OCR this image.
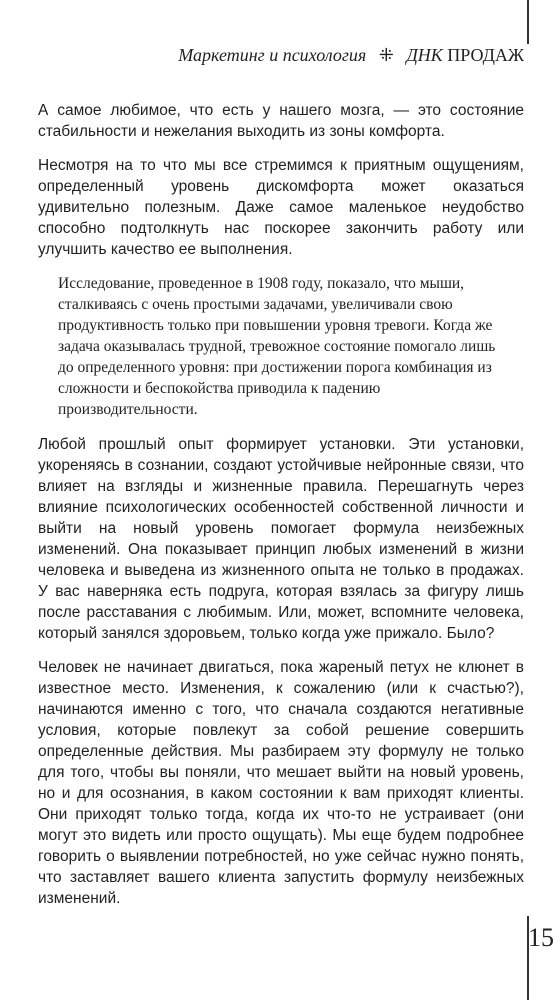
Маркетинг и психология ⁜ ДНК ПРОДАЖ

А самое любимое, что есть у нашего мозга, — это состояние стабильности и нежелания выходить из зоны комфорта.

Несмотря на то что мы все стремимся к приятным ощущениям, определенный уровень дискомфорта может оказаться удивительно полезным. Даже самое маленькое неудобство способно подтолкнуть нас поскорее закончить работу или улучшить качество ее выполнения.

Исследование, проведенное в 1908 году, показало, что мыши, сталкиваясь с очень простыми задачами, увеличивали свою продуктивность только при повышении уровня тревоги. Когда же задача оказывалась трудной, тревожное состояние помогало лишь до определенного уровня: при достижении порога комбинация из сложности и беспокойства приводила к падению производительности.

Любой прошлый опыт формирует установки. Эти установки, укореняясь в сознании, создают устойчивые нейронные связи, что влияет на взгляды и жизненные правила. Перешагнуть через влияние психологических особенностей собственной личности и выйти на новый уровень помогает формула неизбежных изменений. Она показывает принцип любых изменений в жизни человека и выведена из жизненного опыта не только в продажах. У вас наверняка есть подруга, которая взялась за фигуру лишь после расставания с любимым. Или, может, вспомните человека, который занялся здоровьем, только когда уже прижало. Было?

Человек не начинает двигаться, пока жареный петух не клюнет в известное место. Изменения, к сожалению (или к счастью?), начинаются именно с того, что сначала создаются негативные условия, которые повлекут за собой решение совершить определенные действия. Мы разбираем эту формулу не только для того, чтобы вы поняли, что мешает выйти на новый уровень, но и для осознания, в каком состоянии к вам приходят клиенты. Они приходят только тогда, когда их что-то не устраивает (они могут это видеть или просто ощущать). Мы еще будем подробнее говорить о выявлении потребностей, но уже сейчас нужно понять, что заставляет вашего клиента запустить формулу неизбежных изменений.

15
